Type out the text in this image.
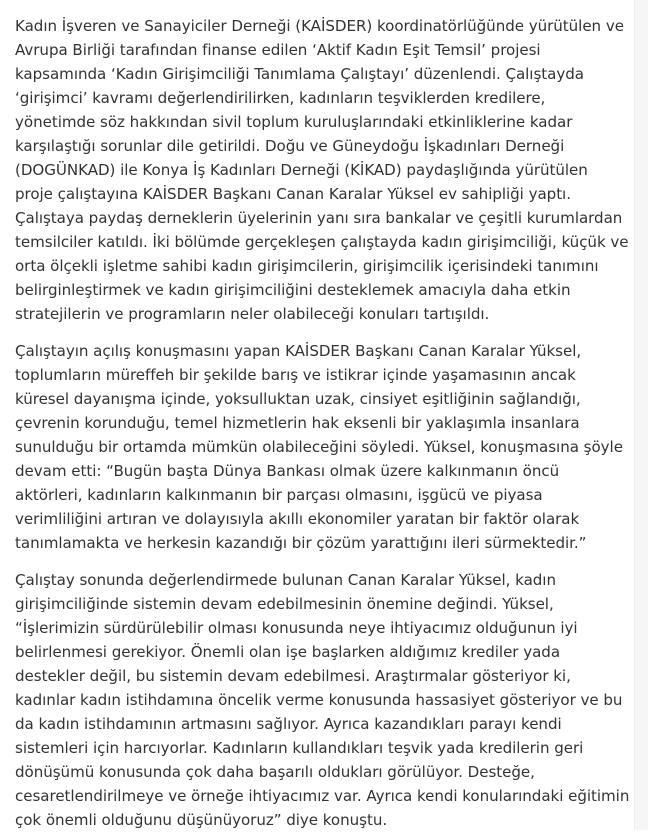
Kadın İşveren ve Sanayiciler Derneği (KAİSDER) koordinatörlüğünde yürütülen ve Avrupa Birliği tarafından finanse edilen ‘Aktif Kadın Eşit Temsil’ projesi kapsamında ‘Kadın Girişimciliği Tanımlama Çalıştayı’ düzenlendi. Çalıştayda ‘girişimci’ kavramı değerlendirilirken, kadınların teşviklerden kredilere, yönetimde söz hakkından sivil toplum kuruluşlarındaki etkinliklerine kadar karşılaştığı sorunlar dile getirildi. Doğu ve Güneydoğu İşkadınları Derneği (DOGÜNKAD) ile Konya İş Kadınları Derneği (KİKAD) paydaşlığında yürütülen proje çalıştayına KAİSDER Başkanı Canan Karalar Yüksel ev sahipliği yaptı. Çalıştaya paydaş derneklerin üyelerinin yanı sıra bankalar ve çeşitli kurumlardan temsilciler katıldı. İki bölümde gerçekleşen çalıştayda kadın girişimciliği, küçük ve orta ölçekli işletme sahibi kadın girişimcilerin, girişimcilik içerisindeki tanımını belirginleştirmek ve kadın girişimciliğini desteklemek amacıyla daha etkin stratejilerin ve programların neler olabileceği konuları tartışıldı.

Çalıştayın açılış konuşmasını yapan KAİSDER Başkanı Canan Karalar Yüksel, toplumların müreffeh bir şekilde barış ve istikrar içinde yaşamasının ancak küresel dayanışma içinde, yoksulluktan uzak, cinsiyet eşitliğinin sağlandığı, çevrenin korunduğu, temel hizmetlerin hak eksenli bir yaklaşımla insanlara sunulduğu bir ortamda mümkün olabileceğini söyledi. Yüksel, konuşmasına şöyle devam etti: “Bugün başta Dünya Bankası olmak üzere kalkınmanın öncü aktörleri, kadınların kalkınmanın bir parçası olmasını, işgücü ve piyasa verimliliğini artıran ve dolayısıyla akıllı ekonomiler yaratan bir faktör olarak tanımlamakta ve herkesin kazandığı bir çözüm yarattığını ileri sürmektedir.”

Çalıştay sonunda değerlendirmede bulunan Canan Karalar Yüksel, kadın girişimciliğinde sistemin devam edebilmesinin önemine değindi. Yüksel, “İşlerimizin sürdürülebilir olması konusunda neye ihtiyacımız olduğunun iyi belirlenmesi gerekiyor. Önemli olan işe başlarken aldığımız krediler yada destekler değil, bu sistemin devam edebilmesi. Araştırmalar gösteriyor ki, kadınlar kadın istihdamına öncelik verme konusunda hassasiyet gösteriyor ve bu da kadın istihdamının artmasını sağlıyor. Ayrıca kazandıkları parayı kendi sistemleri için harcıyorlar. Kadınların kullandıkları teşvik yada kredilerin geri dönüşümü konusunda çok daha başarılı oldukları görülüyor. Desteğe, cesaretlendirilmeye ve örneğe ihtiyacımız var. Ayrıca kendi konularındaki eğitimin çok önemli olduğunu düşünüyoruz” diye konuştu.
